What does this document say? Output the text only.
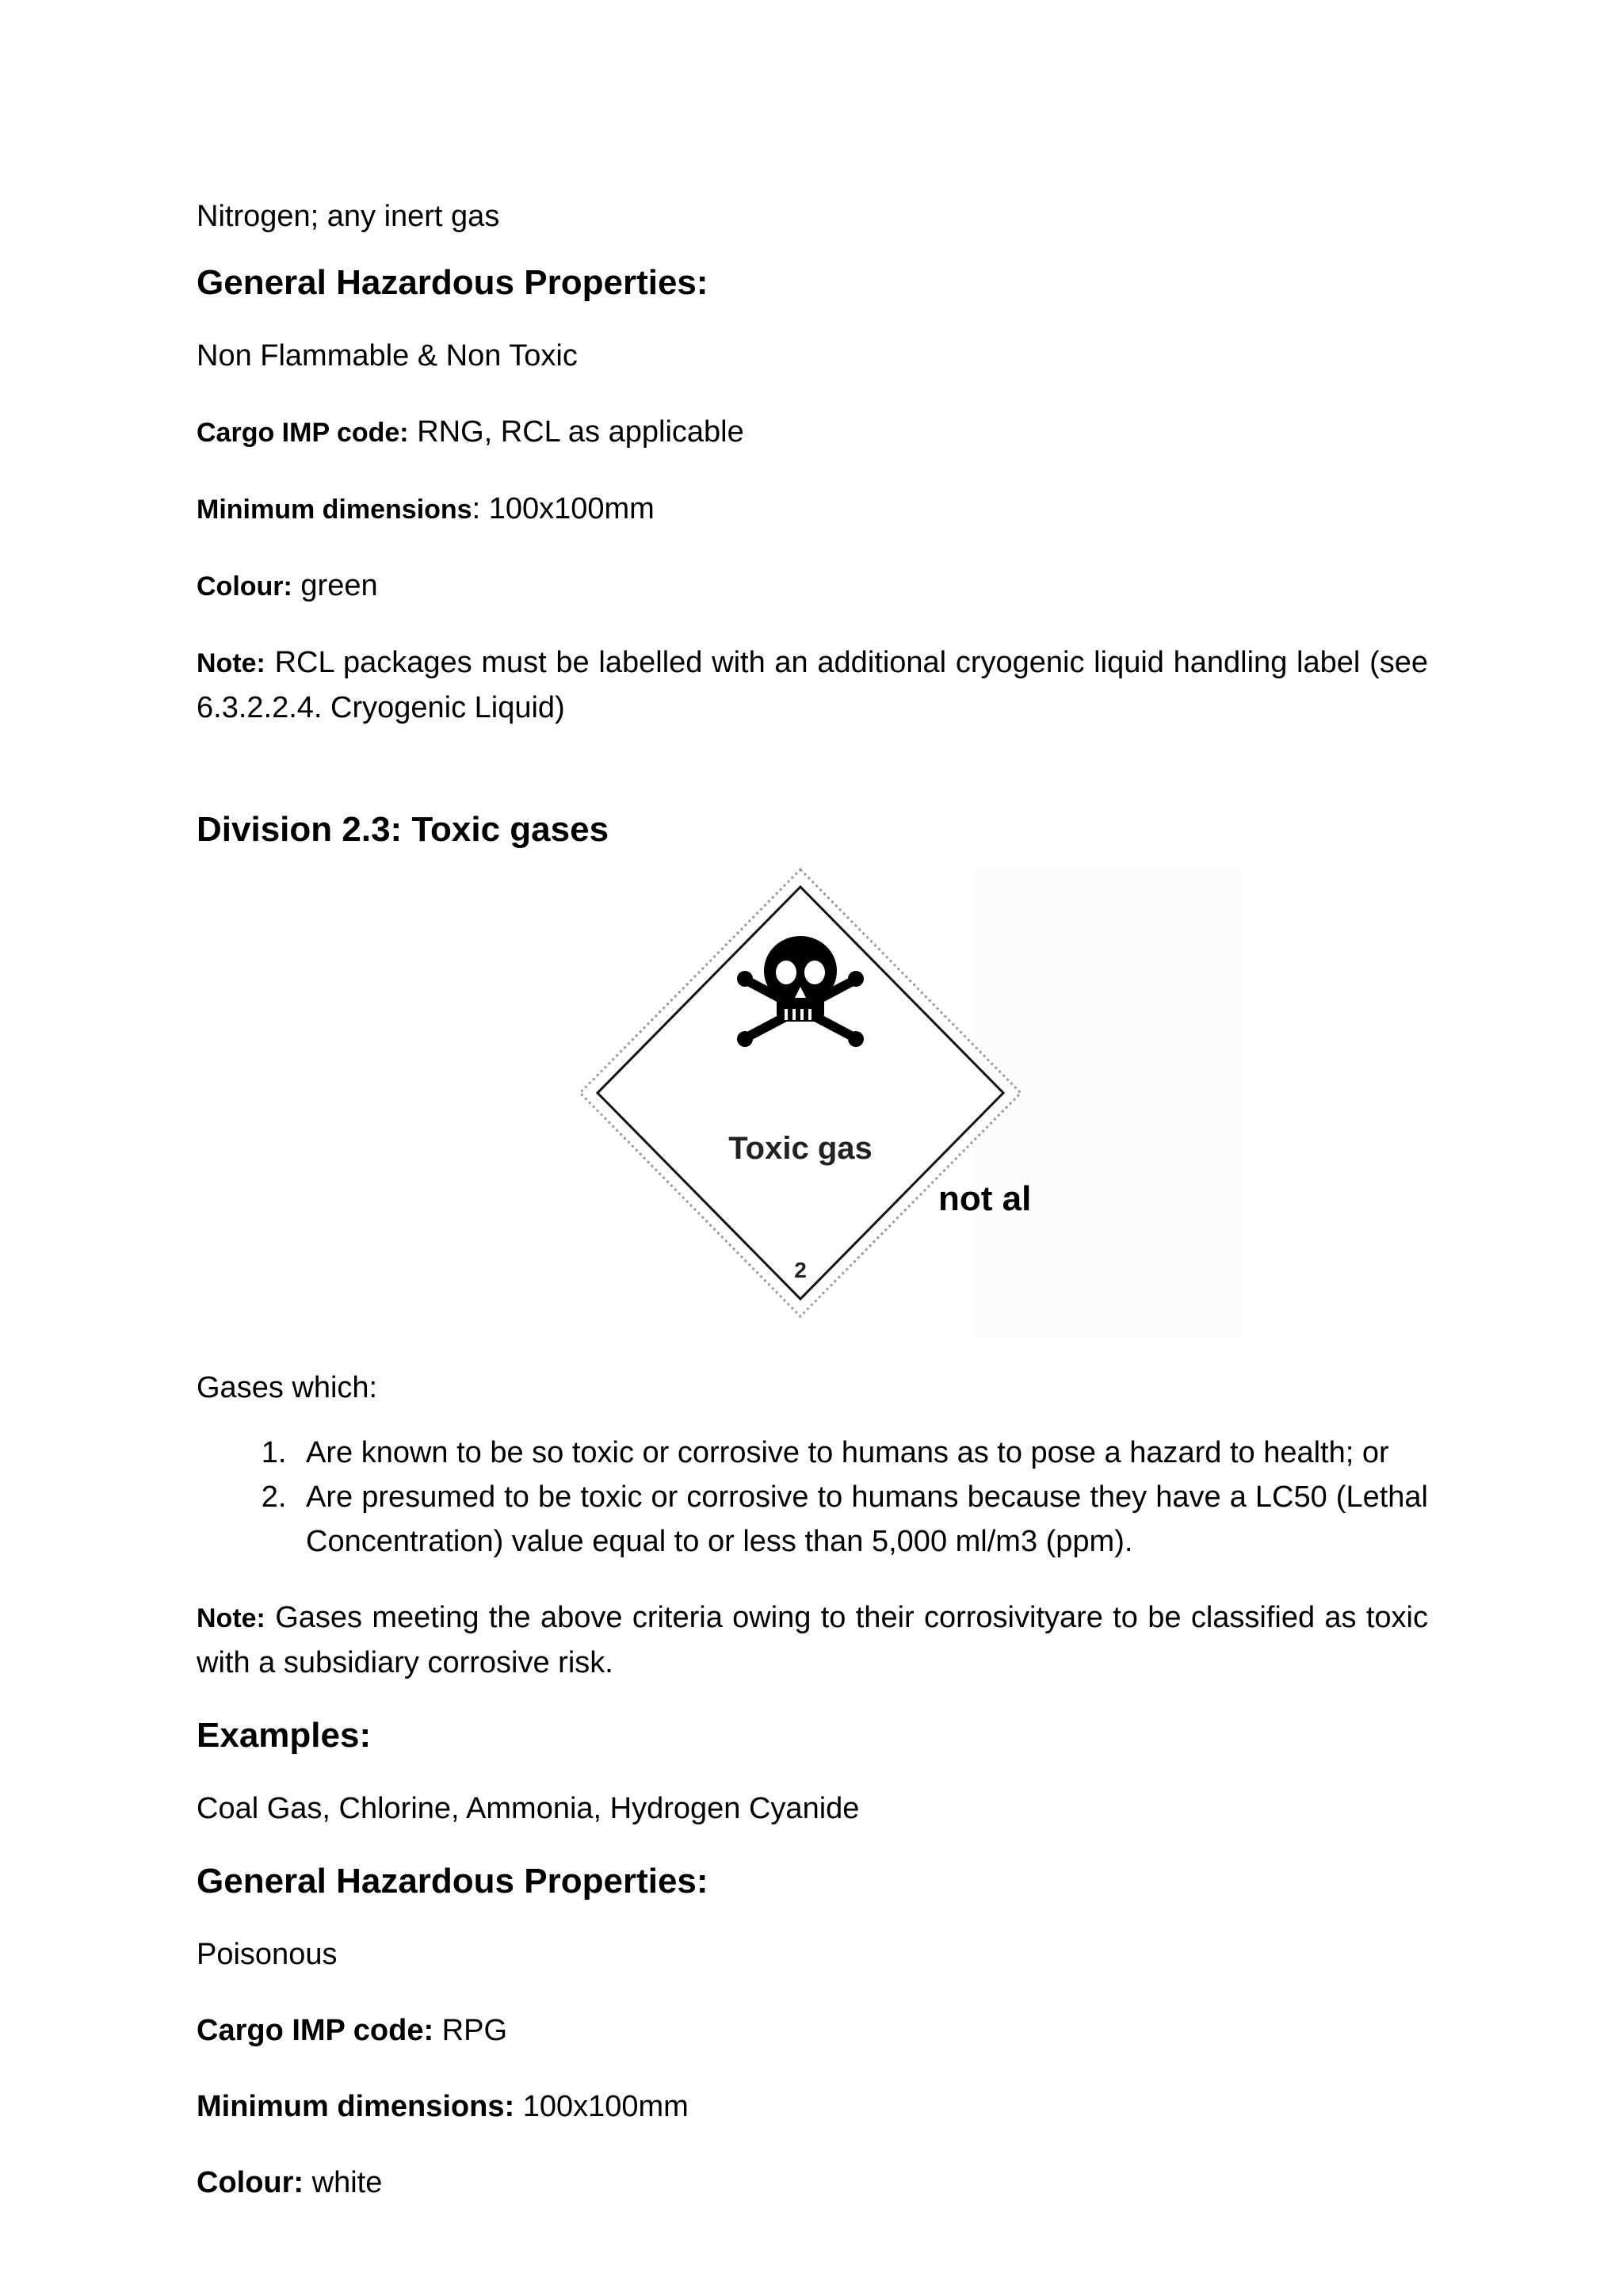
Nitrogen; any inert gas

General Hazardous Properties:

Non Flammable & Non Toxic

Cargo IMP code: RNG, RCL as applicable

Minimum dimensions: 100x100mm

Colour: green

Note: RCL packages must be labelled with an additional cryogenic liquid handling label (see 6.3.2.2.4. Cryogenic Liquid)

Division 2.3: Toxic gases
Toxic gas
2
not al

Gases which:

1. Are known to be so toxic or corrosive to humans as to pose a hazard to health; or
2. Are presumed to be toxic or corrosive to humans because they have a LC50 (Lethal Concentration) value equal to or less than 5,000 ml/m3 (ppm).

Note: Gases meeting the above criteria owing to their corrosivityare to be classified as toxic with a subsidiary corrosive risk.

Examples:

Coal Gas, Chlorine, Ammonia, Hydrogen Cyanide

General Hazardous Properties:

Poisonous

Cargo IMP code: RPG

Minimum dimensions: 100x100mm

Colour: white
